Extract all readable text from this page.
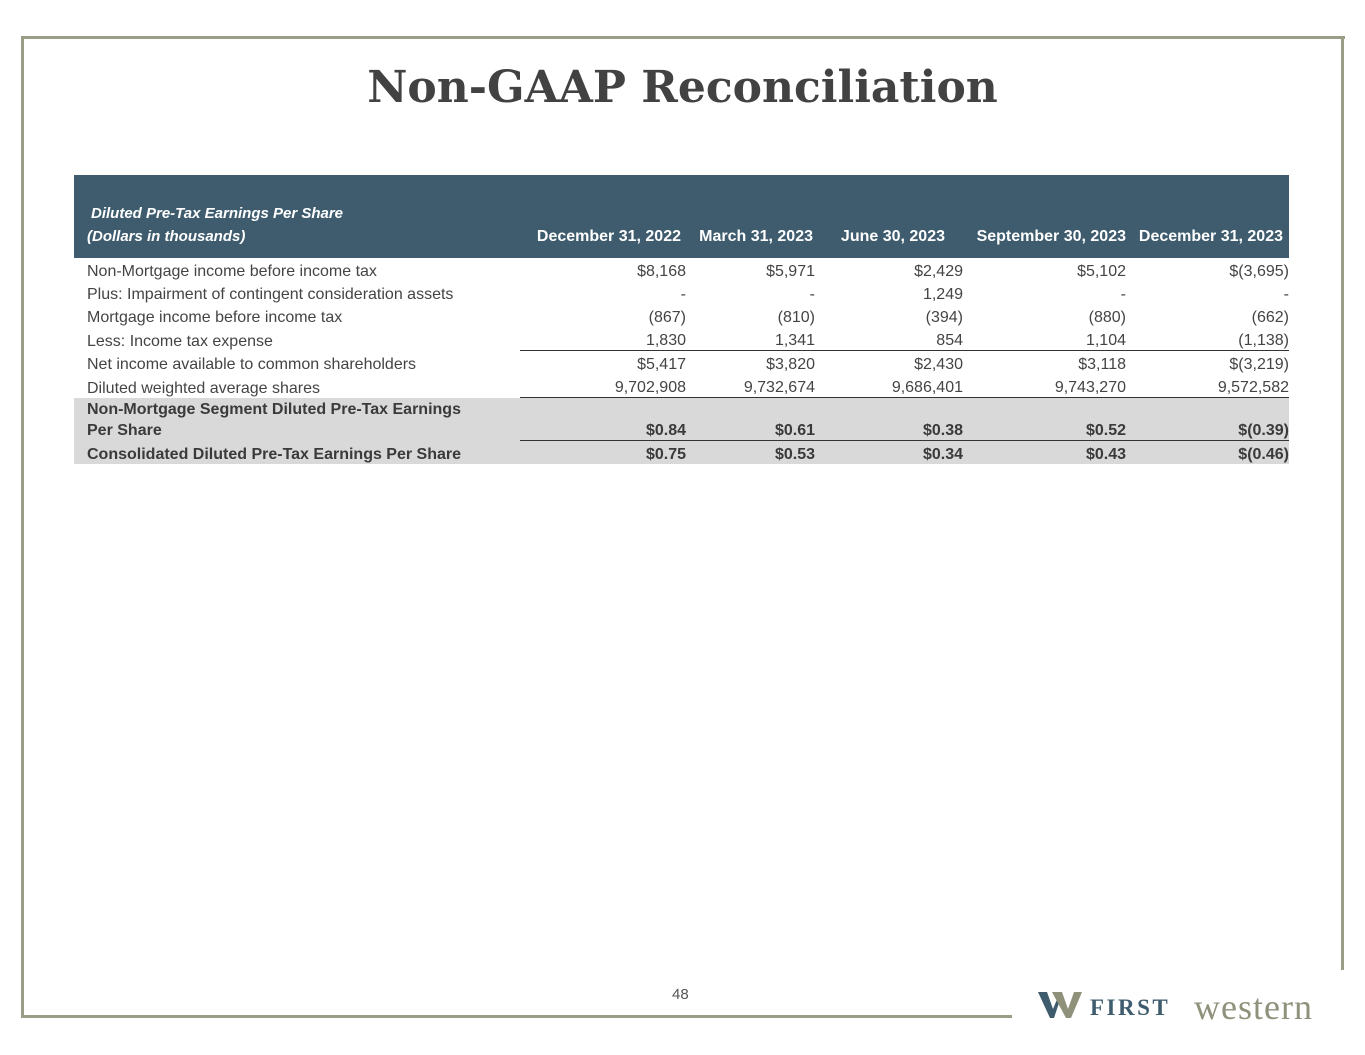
Non-GAAP Reconciliation
Diluted Pre-Tax Earnings Per Share					
(Dollars in thousands)	December 31, 2022	March 31, 2023	June 30, 2023	September 30, 2023	December 31, 2023
Non-Mortgage income before income tax	$8,168	$5,971	$2,429	$5,102	$(3,695)
Plus: Impairment of contingent consideration assets	-	-	1,249	-	-
Mortgage income before income tax	(867)	(810)	(394)	(880)	(662)
Less: Income tax expense	1,830	1,341	854	1,104	(1,138)
Net income available to common shareholders	$5,417	$3,820	$2,430	$3,118	$(3,219)
Diluted weighted average shares	9,702,908	9,732,674	9,686,401	9,743,270	9,572,582
Non-Mortgage Segment Diluted Pre-Tax Earnings Per Share	$0.84	$0.61	$0.38	$0.52	$(0.39)
Consolidated Diluted Pre-Tax Earnings Per Share	$0.75	$0.53	$0.34	$0.43	$(0.46)
48
FIRST western
